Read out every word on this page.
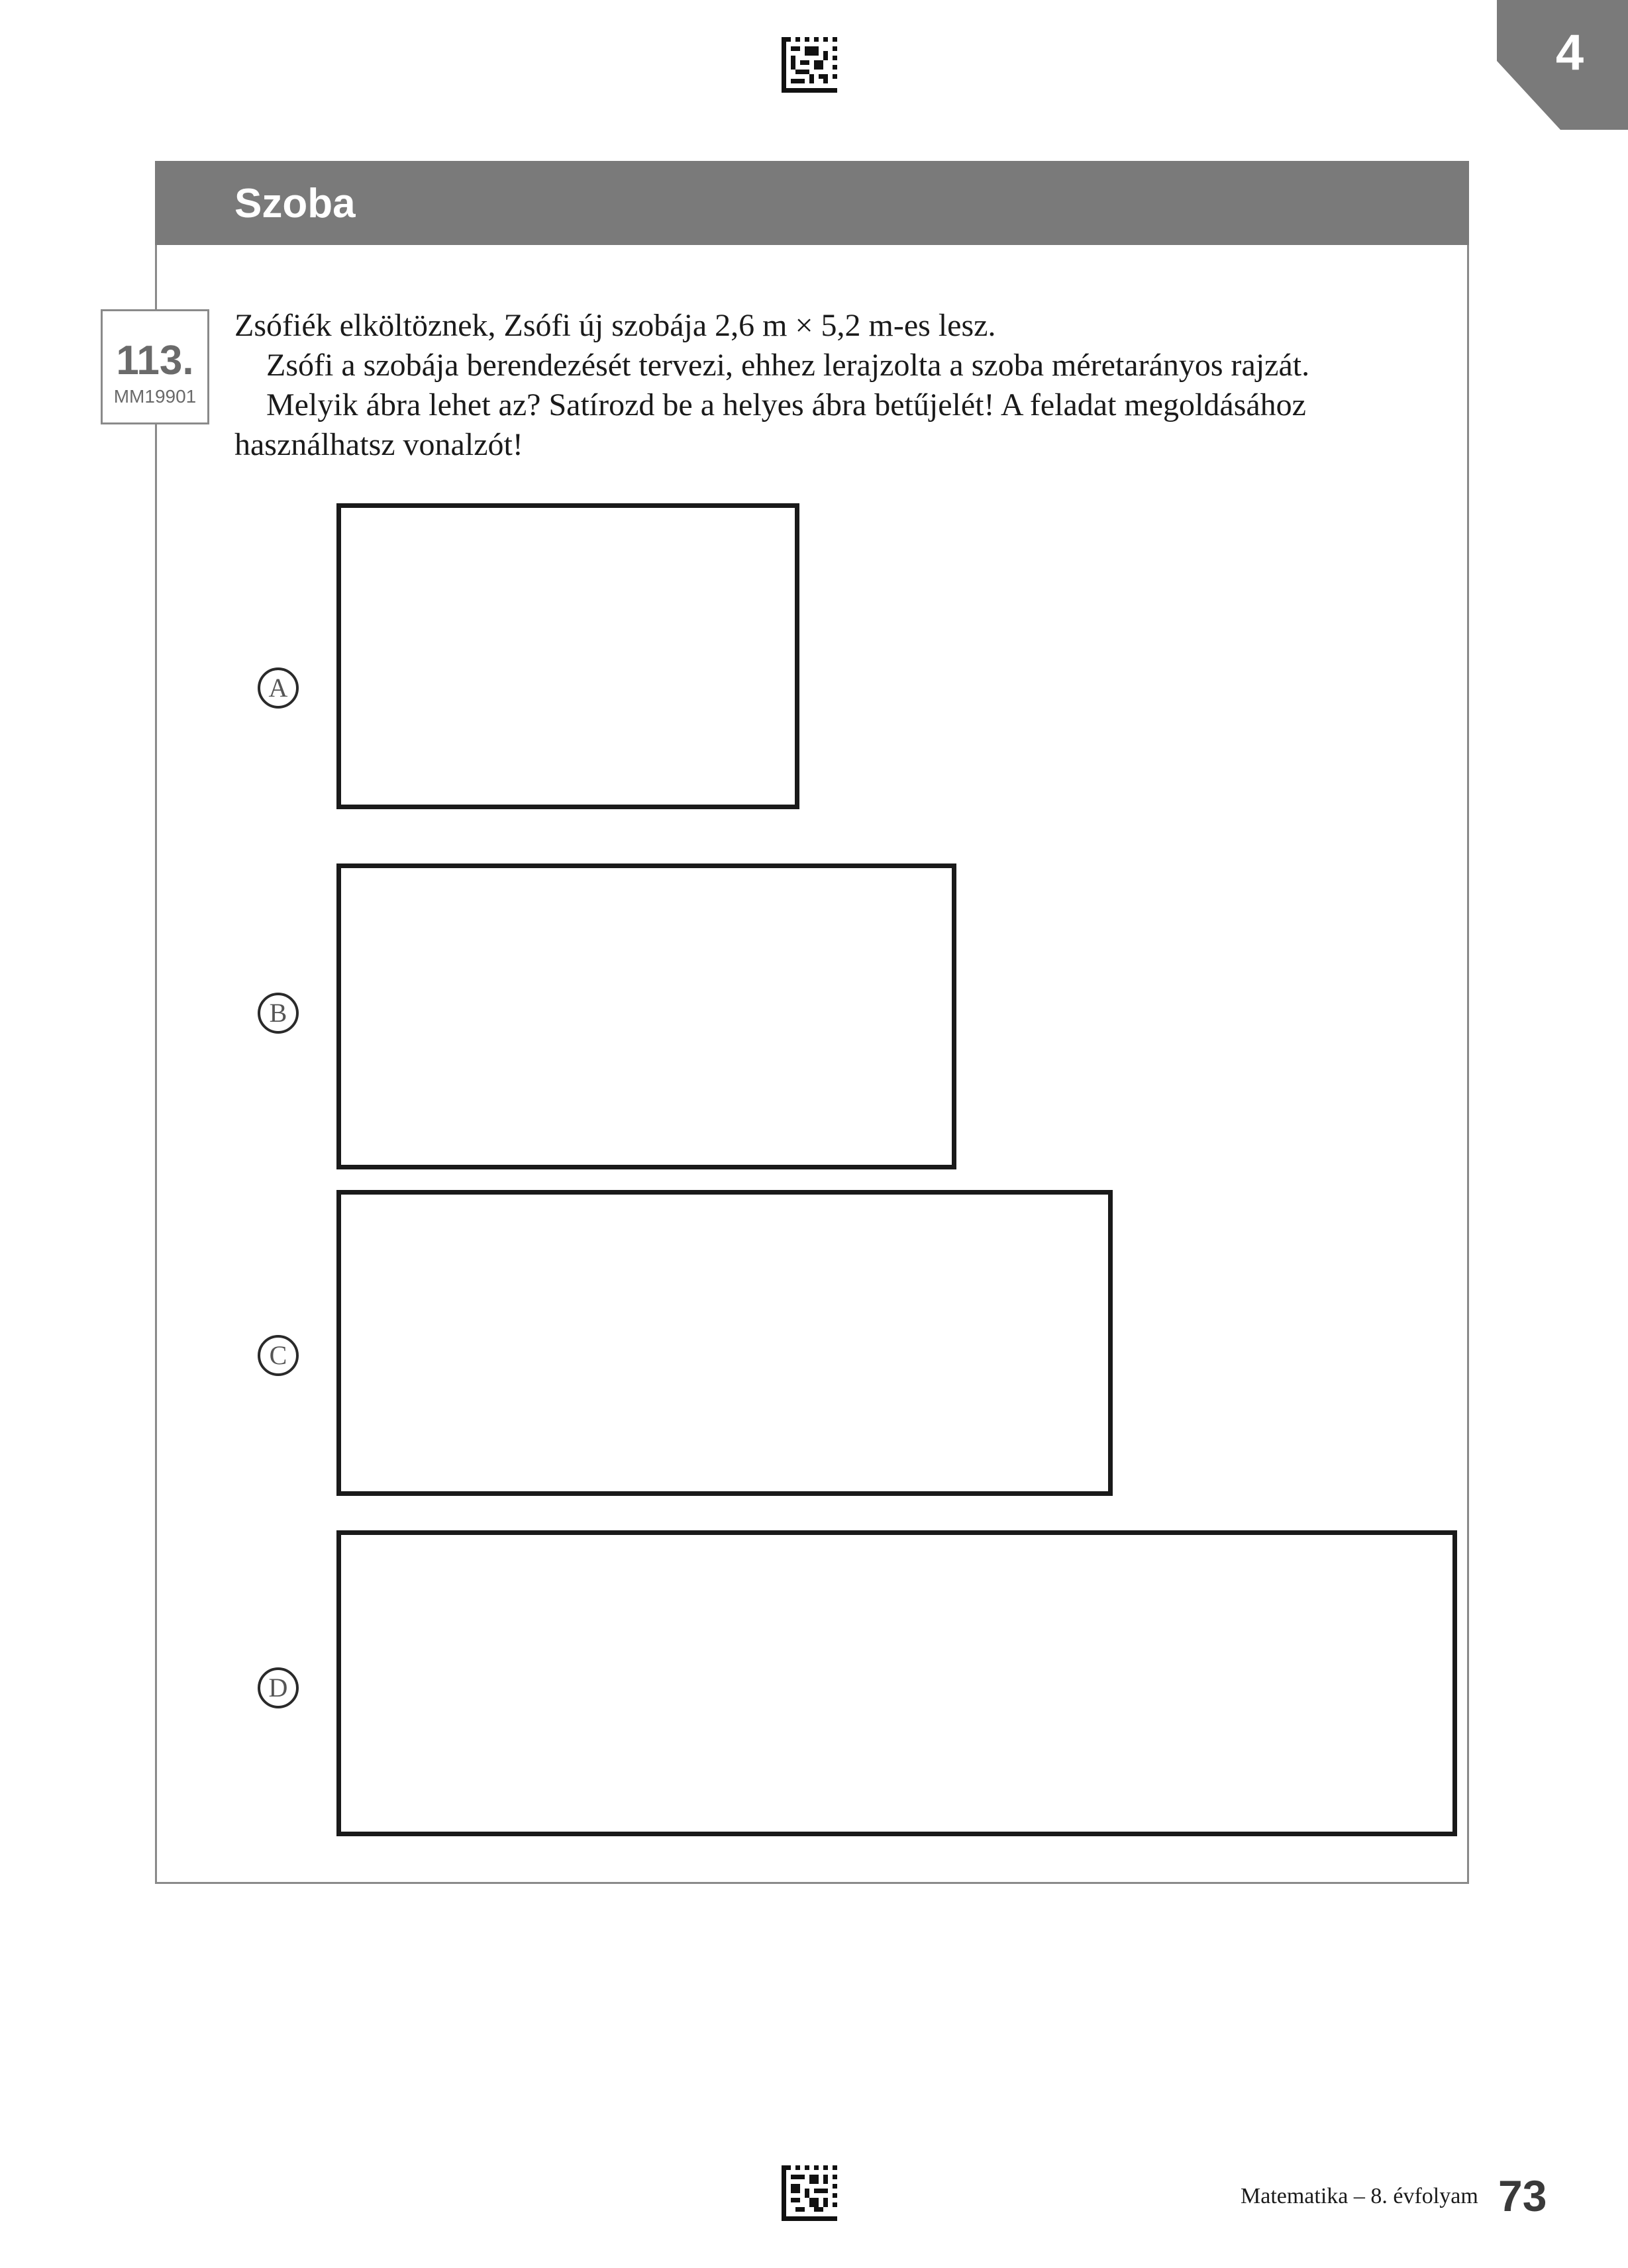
4
Szoba
113.
MM19901
Zsófiék elköltöznek, Zsófi új szobája 2,6 m × 5,2 m-es lesz.
Zsófi a szobája berendezését tervezi, ehhez lerajzolta a szoba méretarányos rajzát.
Melyik ábra lehet az? Satírozd be a helyes ábra betűjelét! A feladat megoldásához
használhatsz vonalzót!
A
B
C
D
Matematika – 8. évfolyam 73
